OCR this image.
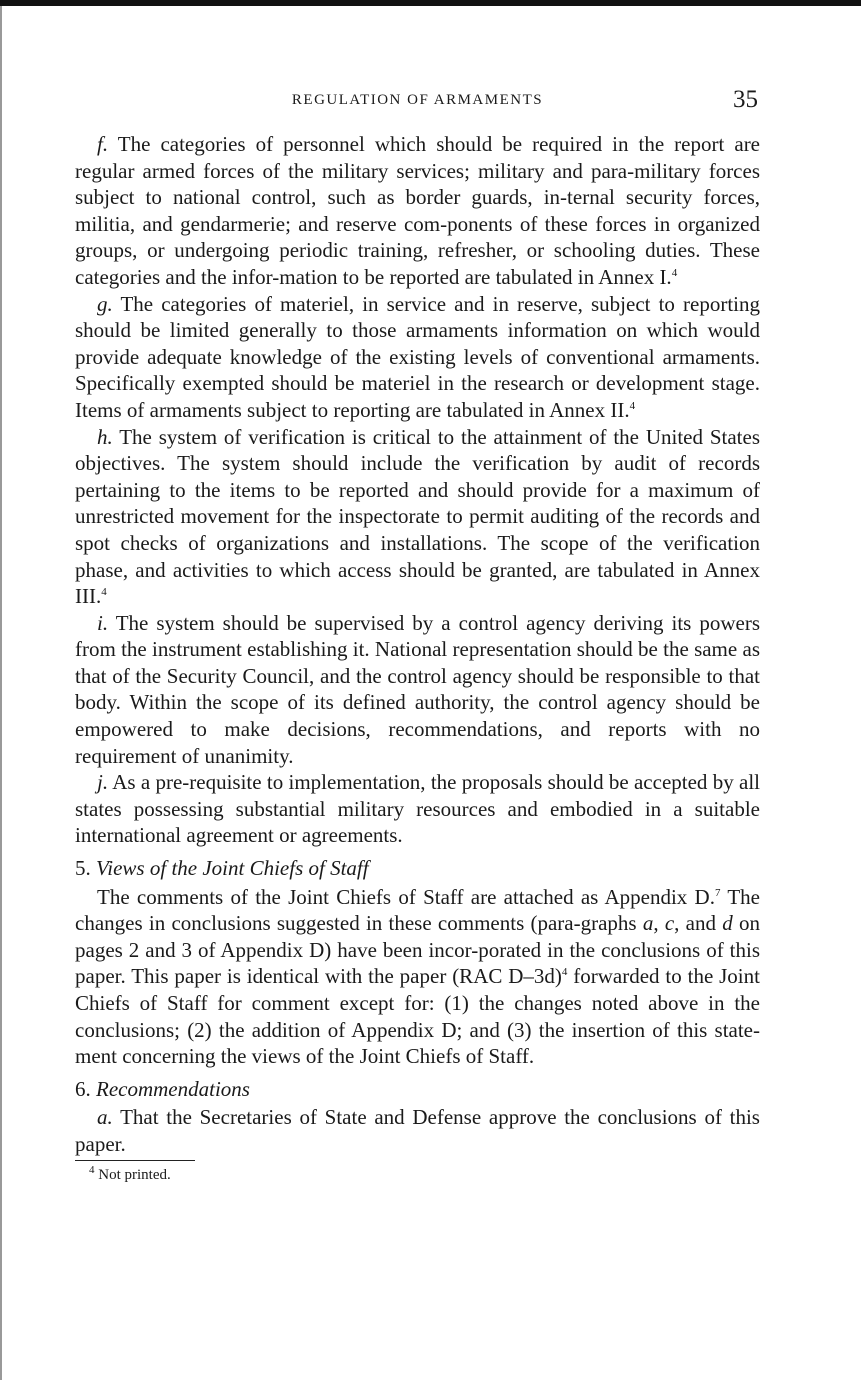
REGULATION OF ARMAMENTS	35

f. The categories of personnel which should be required in the report are regular armed forces of the military services; military and para-military forces subject to national control, such as border guards, in-ternal security forces, militia, and gendarmerie; and reserve com-ponents of these forces in organized groups, or undergoing periodic training, refresher, or schooling duties. These categories and the infor-mation to be reported are tabulated in Annex I.$^4$

g. The categories of materiel, in service and in reserve, subject to reporting should be limited generally to those armaments information on which would provide adequate knowledge of the existing levels of conventional armaments. Specifically exempted should be materiel in the research or development stage. Items of armaments subject to reporting are tabulated in Annex II.$^4$

h. The system of verification is critical to the attainment of the United States objectives. The system should include the verification by audit of records pertaining to the items to be reported and should provide for a maximum of unrestricted movement for the inspectorate to permit auditing of the records and spot checks of organizations and installations. The scope of the verification phase, and activities to which access should be granted, are tabulated in Annex III.$^4$

i. The system should be supervised by a control agency deriving its powers from the instrument establishing it. National representation should be the same as that of the Security Council, and the control agency should be responsible to that body. Within the scope of its defined authority, the control agency should be empowered to make decisions, recommendations, and reports with no requirement of unanimity.

j. As a pre-requisite to implementation, the proposals should be accepted by all states possessing substantial military resources and embodied in a suitable international agreement or agreements.

5. Views of the Joint Chiefs of Staff

The comments of the Joint Chiefs of Staff are attached as Appendix D.$^7$ The changes in conclusions suggested in these comments (para-graphs a, c, and d on pages 2 and 3 of Appendix D) have been incor-porated in the conclusions of this paper. This paper is identical with the paper (RAC D–3d)$^4$ forwarded to the Joint Chiefs of Staff for comment except for: (1) the changes noted above in the conclusions; (2) the addition of Appendix D; and (3) the insertion of this state-ment concerning the views of the Joint Chiefs of Staff.

6. Recommendations

a. That the Secretaries of State and Defense approve the conclusions of this paper.

$^4$ Not printed.
